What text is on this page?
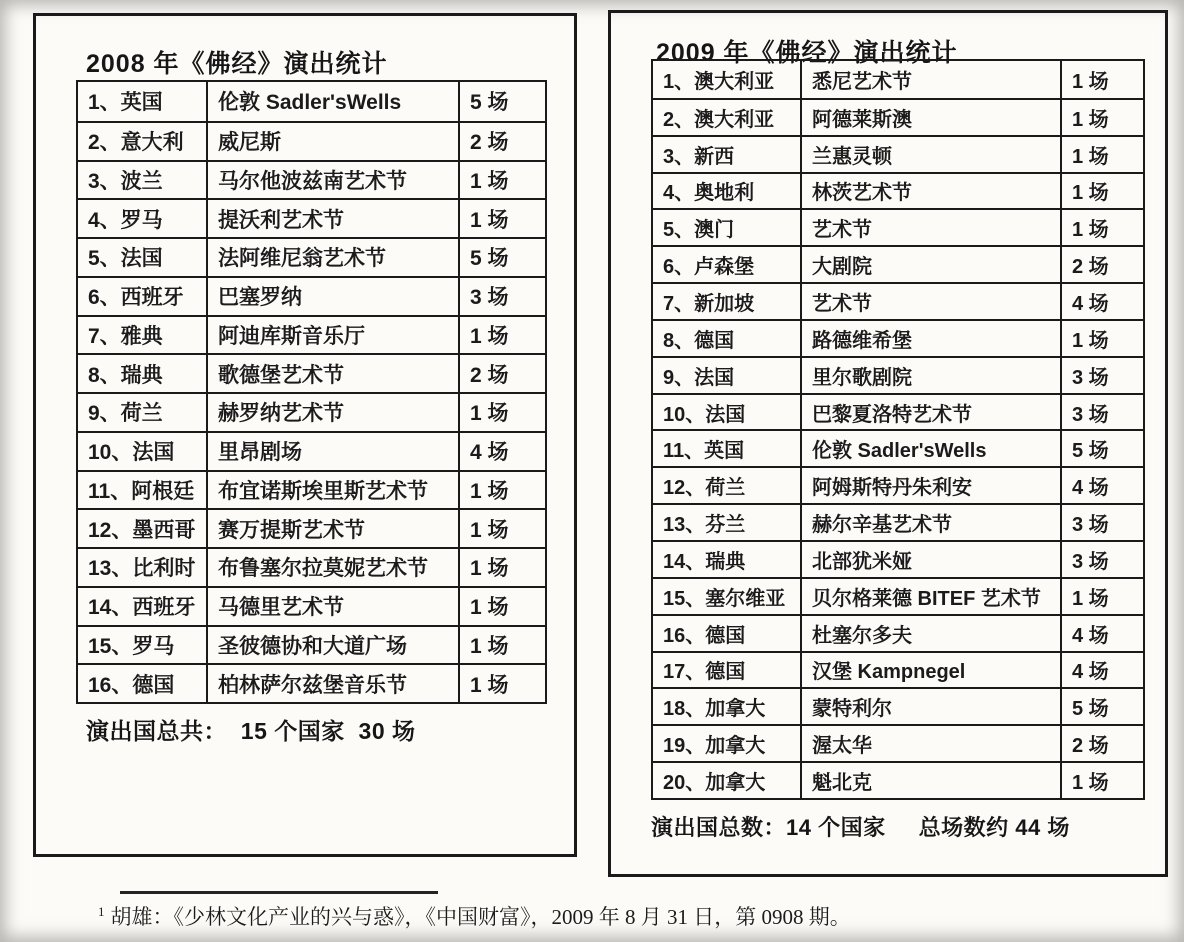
2008 年《佛经》演出统计
1、英国	伦敦 Sadler'sWells	5 场
2、意大利	威尼斯	2 场
3、波兰	马尔他波兹南艺术节	1 场
4、罗马	提沃利艺术节	1 场
5、法国	法阿维尼翁艺术节	5 场
6、西班牙	巴塞罗纳	3 场
7、雅典	阿迪库斯音乐厅	1 场
8、瑞典	歌德堡艺术节	2 场
9、荷兰	赫罗纳艺术节	1 场
10、法国	里昂剧场	4 场
11、阿根廷	布宜诺斯埃里斯艺术节	1 场
12、墨西哥	赛万提斯艺术节	1 场
13、比利时	布鲁塞尔拉莫妮艺术节	1 场
14、西班牙	马德里艺术节	1 场
15、罗马	圣彼德协和大道广场	1 场
16、德国	柏林萨尔兹堡音乐节	1 场
演出国总共：  15 个国家  30 场
2009 年《佛经》演出统计
1、澳大利亚	悉尼艺术节	1 场
2、澳大利亚	阿德莱斯澳	1 场
3、新西	兰惠灵顿	1 场
4、奥地利	林茨艺术节	1 场
5、澳门	艺术节	1 场
6、卢森堡	大剧院	2 场
7、新加坡	艺术节	4 场
8、德国	路德维希堡	1 场
9、法国	里尔歌剧院	3 场
10、法国	巴黎夏洛特艺术节	3 场
11、英国	伦敦 Sadler'sWells	5 场
12、荷兰	阿姆斯特丹朱利安	4 场
13、芬兰	赫尔辛基艺术节	3 场
14、瑞典	北部犹米娅	3 场
15、塞尔维亚	贝尔格莱德 BITEF 艺术节	1 场
16、德国	杜塞尔多夫	4 场
17、德国	汉堡 Kampnegel	4 场
18、加拿大	蒙特利尔	5 场
19、加拿大	渥太华	2 场
20、加拿大	魁北克	1 场
演出国总数：14 个国家     总场数约 44 场
$^1$ 胡雄：《少林文化产业的兴与惑》，《中国财富》，2009 年 8 月 31 日，第 0908 期。
